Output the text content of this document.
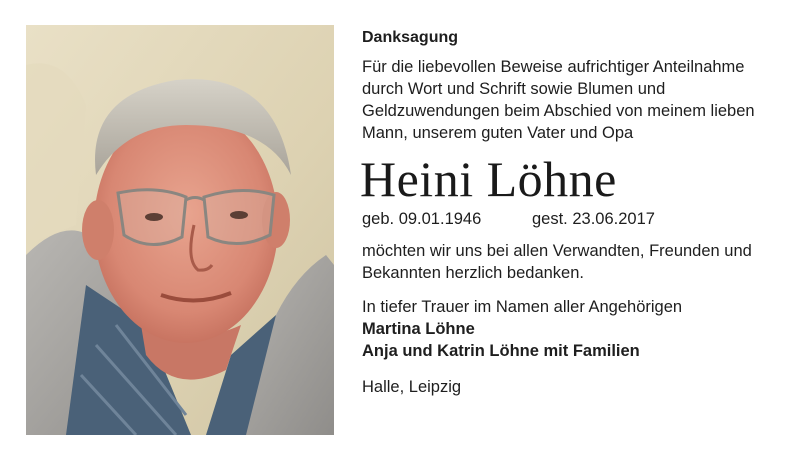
Danksagung

Für die liebevollen Beweise aufrichtiger Anteilnahme durch Wort und Schrift sowie Blumen und Geldzuwendungen beim Abschied von meinem lieben Mann, unserem guten Vater und Opa

Heini Löhne
geb. 09.01.1946	gest. 23.06.2017

möchten wir uns bei allen Verwandten, Freunden und Bekannten herzlich bedanken.

In tiefer Trauer im Namen aller Angehörigen

Martina Löhne

Anja und Katrin Löhne mit Familien

Halle, Leipzig
